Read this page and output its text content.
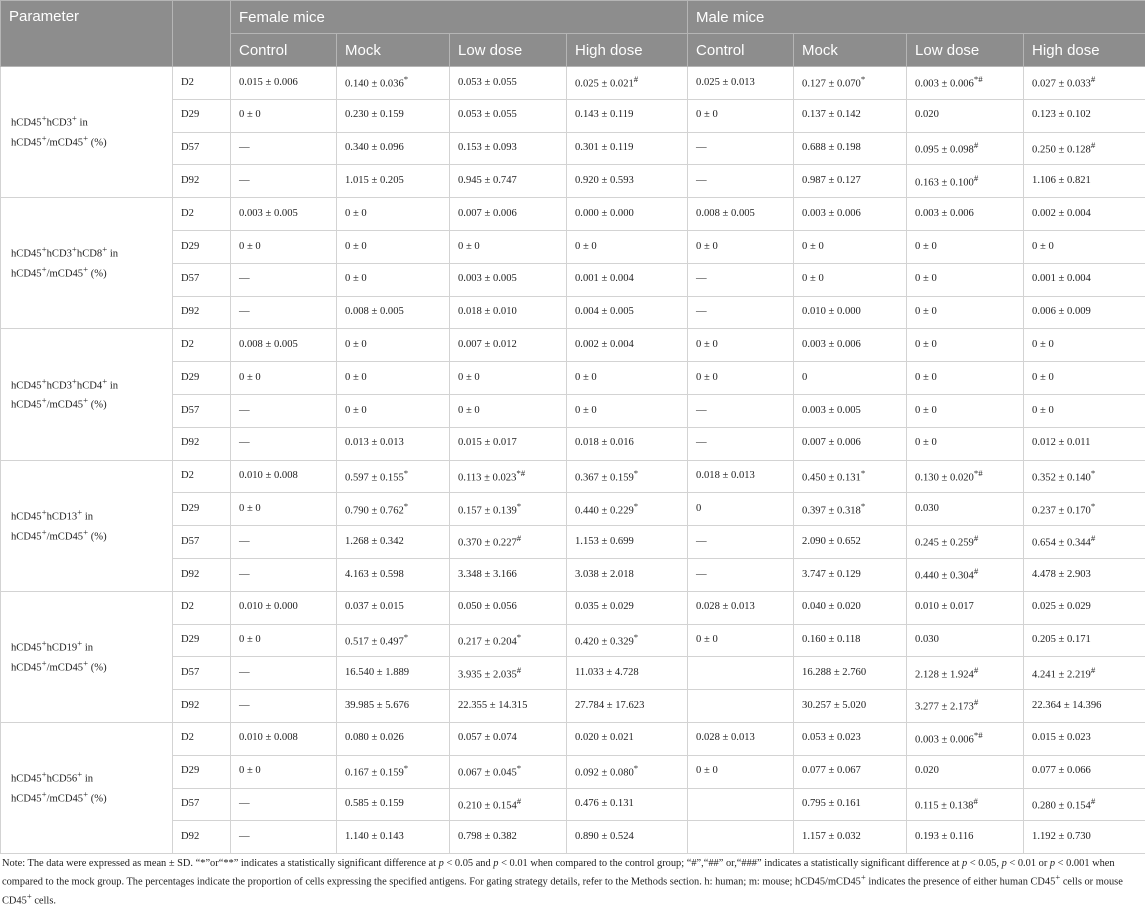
Parameter		Female mice				Male mice			
		Control	Mock	Low dose	High dose	Control	Mock	Low dose	High dose
hCD45+hCD3+ in
hCD45+/mCD45+ (%)	D2	0.015 ± 0.006	0.140 ± 0.036*	0.053 ± 0.055	0.025 ± 0.021#	0.025 ± 0.013	0.127 ± 0.070*	0.003 ± 0.006*#	0.027 ± 0.033#
	D29	0 ± 0	0.230 ± 0.159	0.053 ± 0.055	0.143 ± 0.119	0 ± 0	0.137 ± 0.142	0.020	0.123 ± 0.102
	D57	—	0.340 ± 0.096	0.153 ± 0.093	0.301 ± 0.119	—	0.688 ± 0.198	0.095 ± 0.098#	0.250 ± 0.128#
	D92	—	1.015 ± 0.205	0.945 ± 0.747	0.920 ± 0.593	—	0.987 ± 0.127	0.163 ± 0.100#	1.106 ± 0.821
hCD45+hCD3+hCD8+ in
hCD45+/mCD45+ (%)	D2	0.003 ± 0.005	0 ± 0	0.007 ± 0.006	0.000 ± 0.000	0.008 ± 0.005	0.003 ± 0.006	0.003 ± 0.006	0.002 ± 0.004
	D29	0 ± 0	0 ± 0	0 ± 0	0 ± 0	0 ± 0	0 ± 0	0 ± 0	0 ± 0
	D57	—	0 ± 0	0.003 ± 0.005	0.001 ± 0.004	—	0 ± 0	0 ± 0	0.001 ± 0.004
	D92	—	0.008 ± 0.005	0.018 ± 0.010	0.004 ± 0.005	—	0.010 ± 0.000	0 ± 0	0.006 ± 0.009
hCD45+hCD3+hCD4+ in
hCD45+/mCD45+ (%)	D2	0.008 ± 0.005	0 ± 0	0.007 ± 0.012	0.002 ± 0.004	0 ± 0	0.003 ± 0.006	0 ± 0	0 ± 0
	D29	0 ± 0	0 ± 0	0 ± 0	0 ± 0	0 ± 0	0	0 ± 0	0 ± 0
	D57	—	0 ± 0	0 ± 0	0 ± 0	—	0.003 ± 0.005	0 ± 0	0 ± 0
	D92	—	0.013 ± 0.013	0.015 ± 0.017	0.018 ± 0.016	—	0.007 ± 0.006	0 ± 0	0.012 ± 0.011
hCD45+hCD13+ in
hCD45+/mCD45+ (%)	D2	0.010 ± 0.008	0.597 ± 0.155*	0.113 ± 0.023*#	0.367 ± 0.159*	0.018 ± 0.013	0.450 ± 0.131*	0.130 ± 0.020*#	0.352 ± 0.140*
	D29	0 ± 0	0.790 ± 0.762*	0.157 ± 0.139*	0.440 ± 0.229*	0	0.397 ± 0.318*	0.030	0.237 ± 0.170*
	D57	—	1.268 ± 0.342	0.370 ± 0.227#	1.153 ± 0.699	—	2.090 ± 0.652	0.245 ± 0.259#	0.654 ± 0.344#
	D92	—	4.163 ± 0.598	3.348 ± 3.166	3.038 ± 2.018	—	3.747 ± 0.129	0.440 ± 0.304#	4.478 ± 2.903
hCD45+hCD19+ in
hCD45+/mCD45+ (%)	D2	0.010 ± 0.000	0.037 ± 0.015	0.050 ± 0.056	0.035 ± 0.029	0.028 ± 0.013	0.040 ± 0.020	0.010 ± 0.017	0.025 ± 0.029
	D29	0 ± 0	0.517 ± 0.497*	0.217 ± 0.204*	0.420 ± 0.329*	0 ± 0	0.160 ± 0.118	0.030	0.205 ± 0.171
	D57	—	16.540 ± 1.889	3.935 ± 2.035#	11.033 ± 4.728		16.288 ± 2.760	2.128 ± 1.924#	4.241 ± 2.219#
	D92	—	39.985 ± 5.676	22.355 ± 14.315	27.784 ± 17.623		30.257 ± 5.020	3.277 ± 2.173#	22.364 ± 14.396
hCD45+hCD56+ in
hCD45+/mCD45+ (%)	D2	0.010 ± 0.008	0.080 ± 0.026	0.057 ± 0.074	0.020 ± 0.021	0.028 ± 0.013	0.053 ± 0.023	0.003 ± 0.006*#	0.015 ± 0.023
	D29	0 ± 0	0.167 ± 0.159*	0.067 ± 0.045*	0.092 ± 0.080*	0 ± 0	0.077 ± 0.067	0.020	0.077 ± 0.066
	D57	—	0.585 ± 0.159	0.210 ± 0.154#	0.476 ± 0.131		0.795 ± 0.161	0.115 ± 0.138#	0.280 ± 0.154#
	D92	—	1.140 ± 0.143	0.798 ± 0.382	0.890 ± 0.524		1.157 ± 0.032	0.193 ± 0.116	1.192 ± 0.730
Note: The data were expressed as mean ± SD. “*”or“**” indicates a statistically significant difference at p < 0.05 and p < 0.01 when compared to the control group; “#”,“##” or,“###” indicates a statistically significant difference at p < 0.05, p < 0.01 or p < 0.001 when compared to the mock group. The percentages indicate the proportion of cells expressing the specified antigens. For gating strategy details, refer to the Methods section. h: human; m: mouse; hCD45/mCD45+ indicates the presence of either human CD45+ cells or mouse CD45+ cells.
